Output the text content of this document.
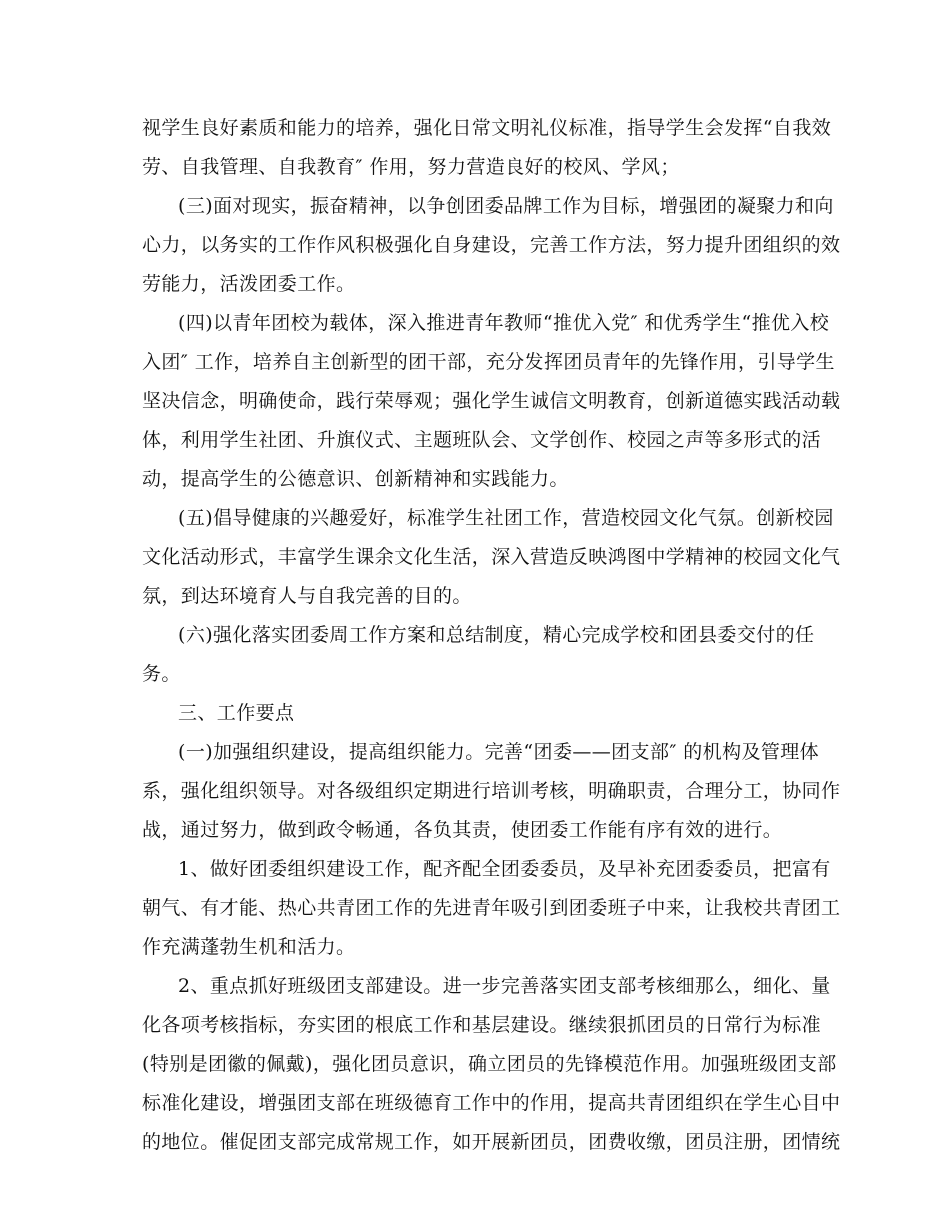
视学生良好素质和能力的培养，强化日常文明礼仪标准，指导学生会发挥“自我效
劳、自我管理、自我教育″ 作用，努力营造良好的校风、学风；
(三)面对现实，振奋精神，以争创团委品牌工作为目标，增强团的凝聚力和向
心力，以务实的工作作风积极强化自身建设，完善工作方法，努力提升团组织的效
劳能力，活泼团委工作。
(四)以青年团校为载体，深入推进青年教师“推优入党″ 和优秀学生“推优入校
入团″ 工作，培养自主创新型的团干部，充分发挥团员青年的先锋作用，引导学生
坚决信念，明确使命，践行荣辱观；强化学生诚信文明教育，创新道德实践活动载
体，利用学生社团、升旗仪式、主题班队会、文学创作、校园之声等多形式的活
动，提高学生的公德意识、创新精神和实践能力。
(五)倡导健康的兴趣爱好，标准学生社团工作，营造校园文化气氛。创新校园
文化活动形式，丰富学生课余文化生活，深入营造反映鸿图中学精神的校园文化气
氛，到达环境育人与自我完善的目的。
(六)强化落实团委周工作方案和总结制度，精心完成学校和团县委交付的任
务。
三、工作要点
(一)加强组织建设，提高组织能力。完善“团委——团支部″ 的机构及管理体
系，强化组织领导。对各级组织定期进行培训考核，明确职责，合理分工，协同作
战，通过努力，做到政令畅通，各负其责，使团委工作能有序有效的进行。
1、做好团委组织建设工作，配齐配全团委委员，及早补充团委委员，把富有
朝气、有才能、热心共青团工作的先进青年吸引到团委班子中来，让我校共青团工
作充满蓬勃生机和活力。
2、重点抓好班级团支部建设。进一步完善落实团支部考核细那么，细化、量
化各项考核指标，夯实团的根底工作和基层建设。继续狠抓团员的日常行为标准
(特别是团徽的佩戴)，强化团员意识，确立团员的先锋模范作用。加强班级团支部
标准化建设，增强团支部在班级德育工作中的作用，提高共青团组织在学生心目中
的地位。催促团支部完成常规工作，如开展新团员，团费收缴，团员注册，团情统
